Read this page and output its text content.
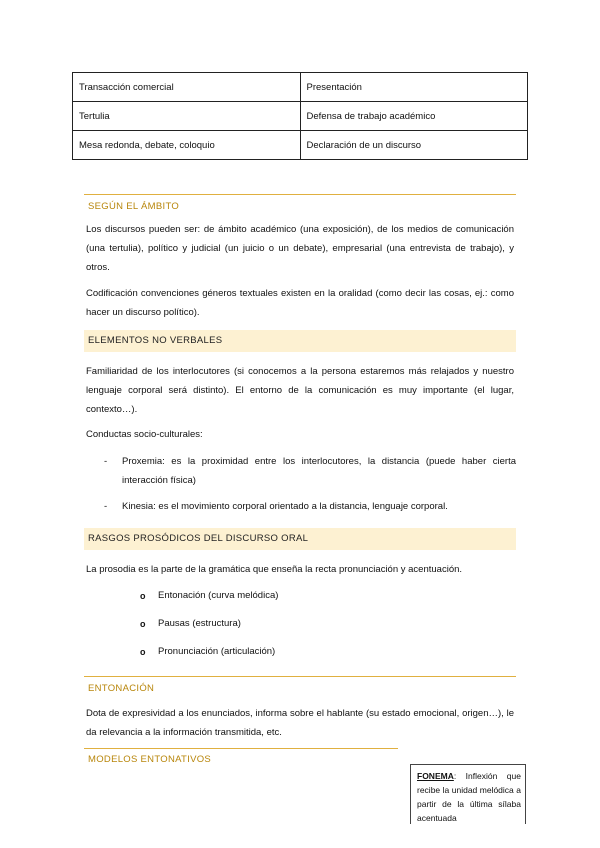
Transacción comercial	Presentación
Tertulia	Defensa de trabajo académico
Mesa redonda, debate, coloquio	Declaración de un discurso
SEGÚN EL ÁMBITO

Los discursos pueden ser: de ámbito académico (una exposición), de los medios de comunicación (una tertulia), político y judicial (un juicio o un debate), empresarial (una entrevista de trabajo), y otros.

Codificación convenciones géneros textuales existen en la oralidad (como decir las cosas, ej.: como hacer un discurso político).

ELEMENTOS NO VERBALES

Familiaridad de los interlocutores (si conocemos a la persona estaremos más relajados y nuestro lenguaje corporal será distinto). El entorno de la comunicación es muy importante (el lugar, contexto…).

Conductas socio-culturales:

-	Proxemia: es la proximidad entre los interlocutores, la distancia (puede haber cierta interacción física)
-	Kinesia: es el movimiento corporal orientado a la distancia, lenguaje corporal.
RASGOS PROSÓDICOS DEL DISCURSO ORAL

La prosodia es la parte de la gramática que enseña la recta pronunciación y acentuación.

o	Entonación (curva melódica)
o	Pausas (estructura)
o	Pronunciación (articulación)
ENTONACIÓN

Dota de expresividad a los enunciados, informa sobre el hablante (su estado emocional, origen…), le da relevancia a la información transmitida, etc.

MODELOS ENTONATIVOS
FONEMA: Inflexión que recibe la unidad melódica a partir de la última sílaba acentuada
